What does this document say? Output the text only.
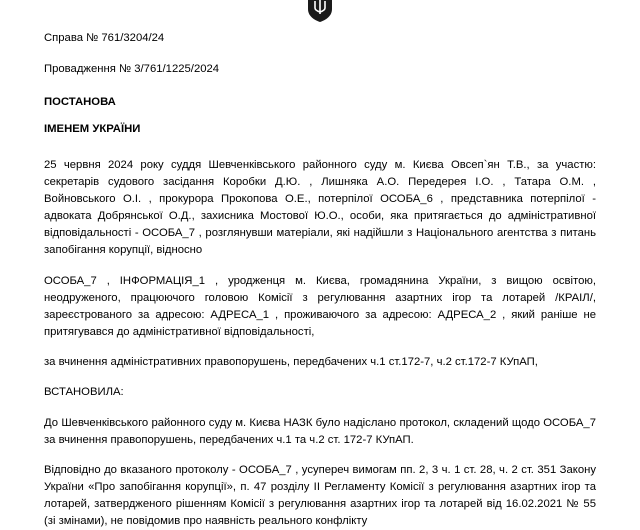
Справа № 761/3204/24

Провадження № 3/761/1225/2024

ПОСТАНОВА

ІМЕНЕМ УКРАЇНИ

25 червня 2024 року суддя Шевченківського районного суду м. Києва Овсеп`ян Т.В., за участю: секретарів судового засідання Коробки Д.Ю. , Лишняка А.О. Передерея І.О. , Татара О.М. , Войновського О.І. , прокурора Прокопова О.Е., потерпілої ОСОБА_6 , представника потерпілої - адвоката Добрянської О.Д., захисника Мостової Ю.О., особи, яка притягається до адміністративної відповідальності - ОСОБА_7 , розглянувши матеріали, які надійшли з Національного агентства з питань запобігання корупції, відносно

ОСОБА_7 , ІНФОРМАЦІЯ_1 , уродженця м. Києва, громадянина України, з вищою освітою, неодруженого, працюючого головою Комісії з регулювання азартних ігор та лотарей /КРАІЛ/, зареєстрованого за адресою: АДРЕСА_1 , проживаючого за адресою: АДРЕСА_2 , який раніше не притягувався до адміністративної відповідальності,

за вчинення адміністративних правопорушень, передбачених ч.1 ст.172-7, ч.2 ст.172-7 КУпАП,

ВСТАНОВИЛА:

До Шевченківського районного суду м. Києва НАЗК було надіслано протокол, складений щодо ОСОБА_7 за вчинення правопорушень, передбачених ч.1 та ч.2 ст. 172-7 КУпАП.

Відповідно до вказаного протоколу - ОСОБА_7 , усупереч вимогам пп. 2, 3 ч. 1 ст. 28, ч. 2 ст. 351 Закону України «Про запобігання корупції», п. 47 розділу ІІ Регламенту Комісії з регулювання азартних ігор та лотарей, затвердженого рішенням Комісії з регулювання азартних ігор та лотарей від 16.02.2021 № 55 (зі змінами), не повідомив про наявність реального конфлікту
